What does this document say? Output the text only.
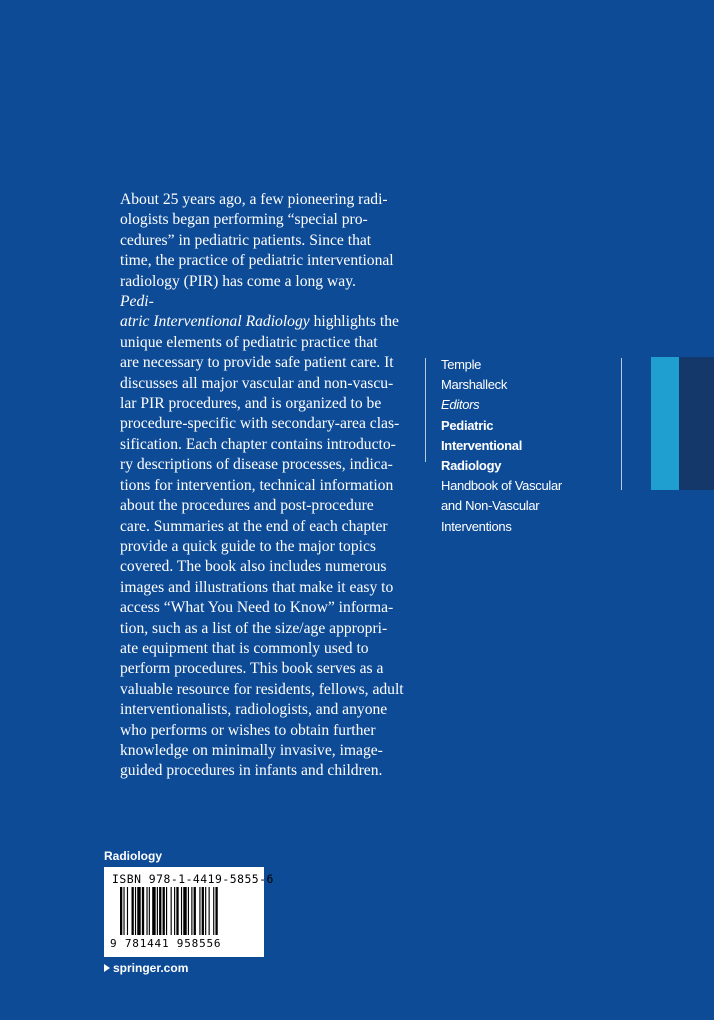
About 25 years ago, a few pioneering radi-
ologists began performing “special pro-
cedures” in pediatric patients. Since that
time, the practice of pediatric interventional
radiology (PIR) has come a long way.
Pedi-
atric Interventional Radiology highlights the
unique elements of pediatric practice that
are necessary to provide safe patient care. It
discusses all major vascular and non-vascu-
lar PIR procedures, and is organized to be
procedure-specific with secondary-area clas-
sification. Each chapter contains introducto-
ry descriptions of disease processes, indica-
tions for intervention, technical information
about the procedures and post-procedure
care. Summaries at the end of each chapter
provide a quick guide to the major topics
covered. The book also includes numerous
images and illustrations that make it easy to
access “What You Need to Know” informa-
tion, such as a list of the size/age appropri-
ate equipment that is commonly used to
perform procedures. This book serves as a
valuable resource for residents, fellows, adult
interventionalists, radiologists, and anyone
who performs or wishes to obtain further
knowledge on minimally invasive, image-
guided procedures in infants and children.
Temple
Marshalleck
Editors
Pediatric
Interventional
Radiology
Handbook of Vascular
and Non-Vascular
Interventions
Radiology
ISBN 978-1-4419-5855-6
9 781441 958556
springer.com
